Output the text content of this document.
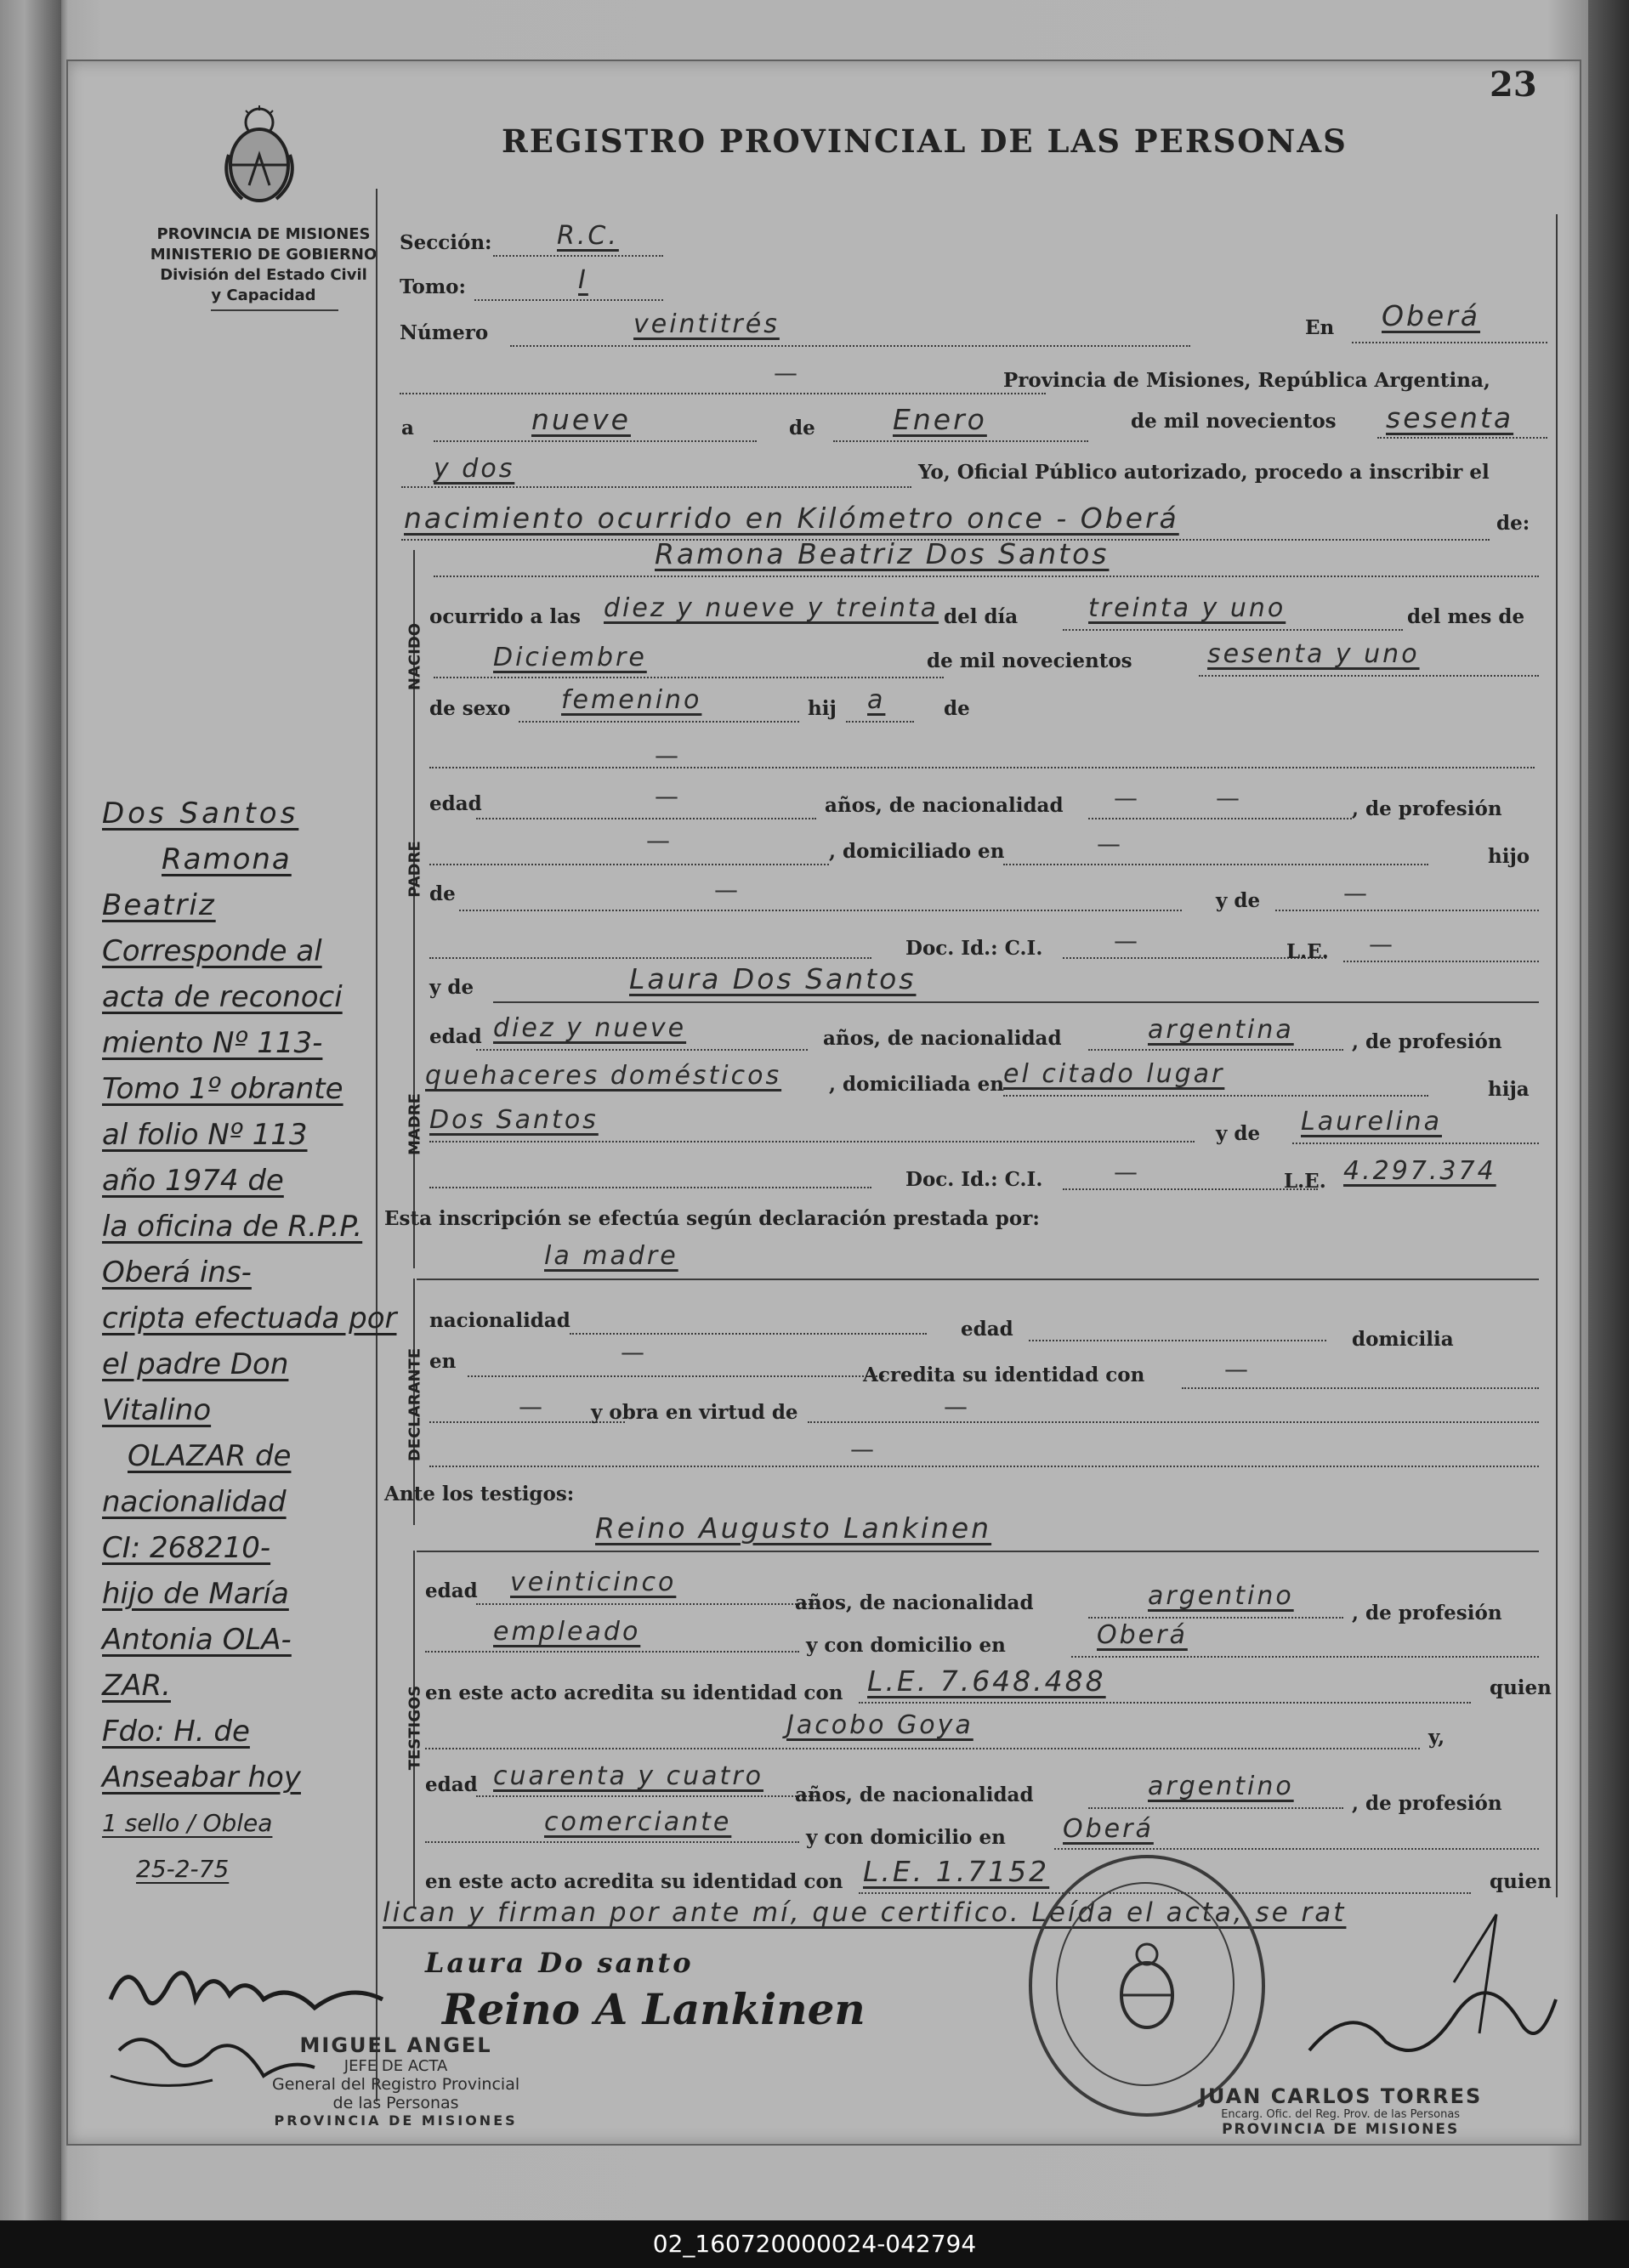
23
PROVINCIA DE MISIONES
MINISTERIO DE GOBIERNO
División del Estado Civil
y Capacidad
REGISTRO PROVINCIAL DE LAS PERSONAS
Sección:	R.C.
Tomo:	I
Número	veintitrés	En Oberá
—	Provincia de Misiones, República Argentina,
a	nueve	de	Enero	de mil novecientos sesenta
y dos	Yo, Oficial Público autorizado, procedo a inscribir el
nacimiento ocurrido en Kilómetro once - Oberá	de:
NACIDO
Ramona Beatriz Dos Santos
ocurrido a las diez y nueve y treinta del día	treinta y uno	del mes de
Diciembre	de mil novecientos	sesenta y uno
de sexo femenino	hij a	de
PADRE
—
edad	—	años, de nacionalidad —	—	, de profesión
—	, domiciliado en	—	hijo
de	—	y de	—
Doc. Id.: C.I.	—	L.E. —
MADRE
y de	Laura Dos Santos
edad diez y nueve	años, de nacionalidad	argentina	, de profesión
quehaceres domésticos , domiciliada en el citado lugar
hija
Dos Santos	y de Laurelina
Doc. Id.: C.I.	—	L.E. 4.297.374
Esta inscripción se efectúa según declaración prestada por:
la madre
DECLARANTE
nacionalidad	edad	domicilia
en	—
Acredita su identidad con	—
— y obra en virtud de	—
—
Ante los testigos:
Reino Augusto Lankinen
TESTIGOS
edad veinticinco
años, de nacionalidad	argentino
, de profesión
empleado	y con domicilio en	Oberá
en este acto acredita su identidad con L.E. 7.648.488	quien
Jacobo Goya	y,
edad cuarenta y cuatro
años, de nacionalidad	argentino
, de profesión
comerciante
y con domicilio en Oberá
en este acto acredita su identidad con L.E. 1.7152	quien
lican y firman por ante mí, que certifico. Leída el acta, se rat
Laura Do santo
Dos Santos
Ramona
Beatriz
Corresponde al
acta de reconoci
miento Nº 113-
Tomo 1º obrante
al folio Nº 113
año 1974 de
la oficina de R.P.P.
Oberá ins-
cripta efectuada por
el padre Don
Vitalino
OLAZAR de
nacionalidad
CI: 268210-
hijo de María
Antonia OLA-
ZAR.
Fdo: H. de
Anseabar hoy
1 sello / Oblea
25-2-75
Reino A Lankinen
MIGUEL ANGEL
JEFE DE ACTA
General del Registro Provincial
de las Personas
PROVINCIA DE MISIONES
JUAN CARLOS TORRES
Encarg. Ofic. del Reg. Prov. de las Personas
PROVINCIA DE MISIONES
02_160720000024-042794
